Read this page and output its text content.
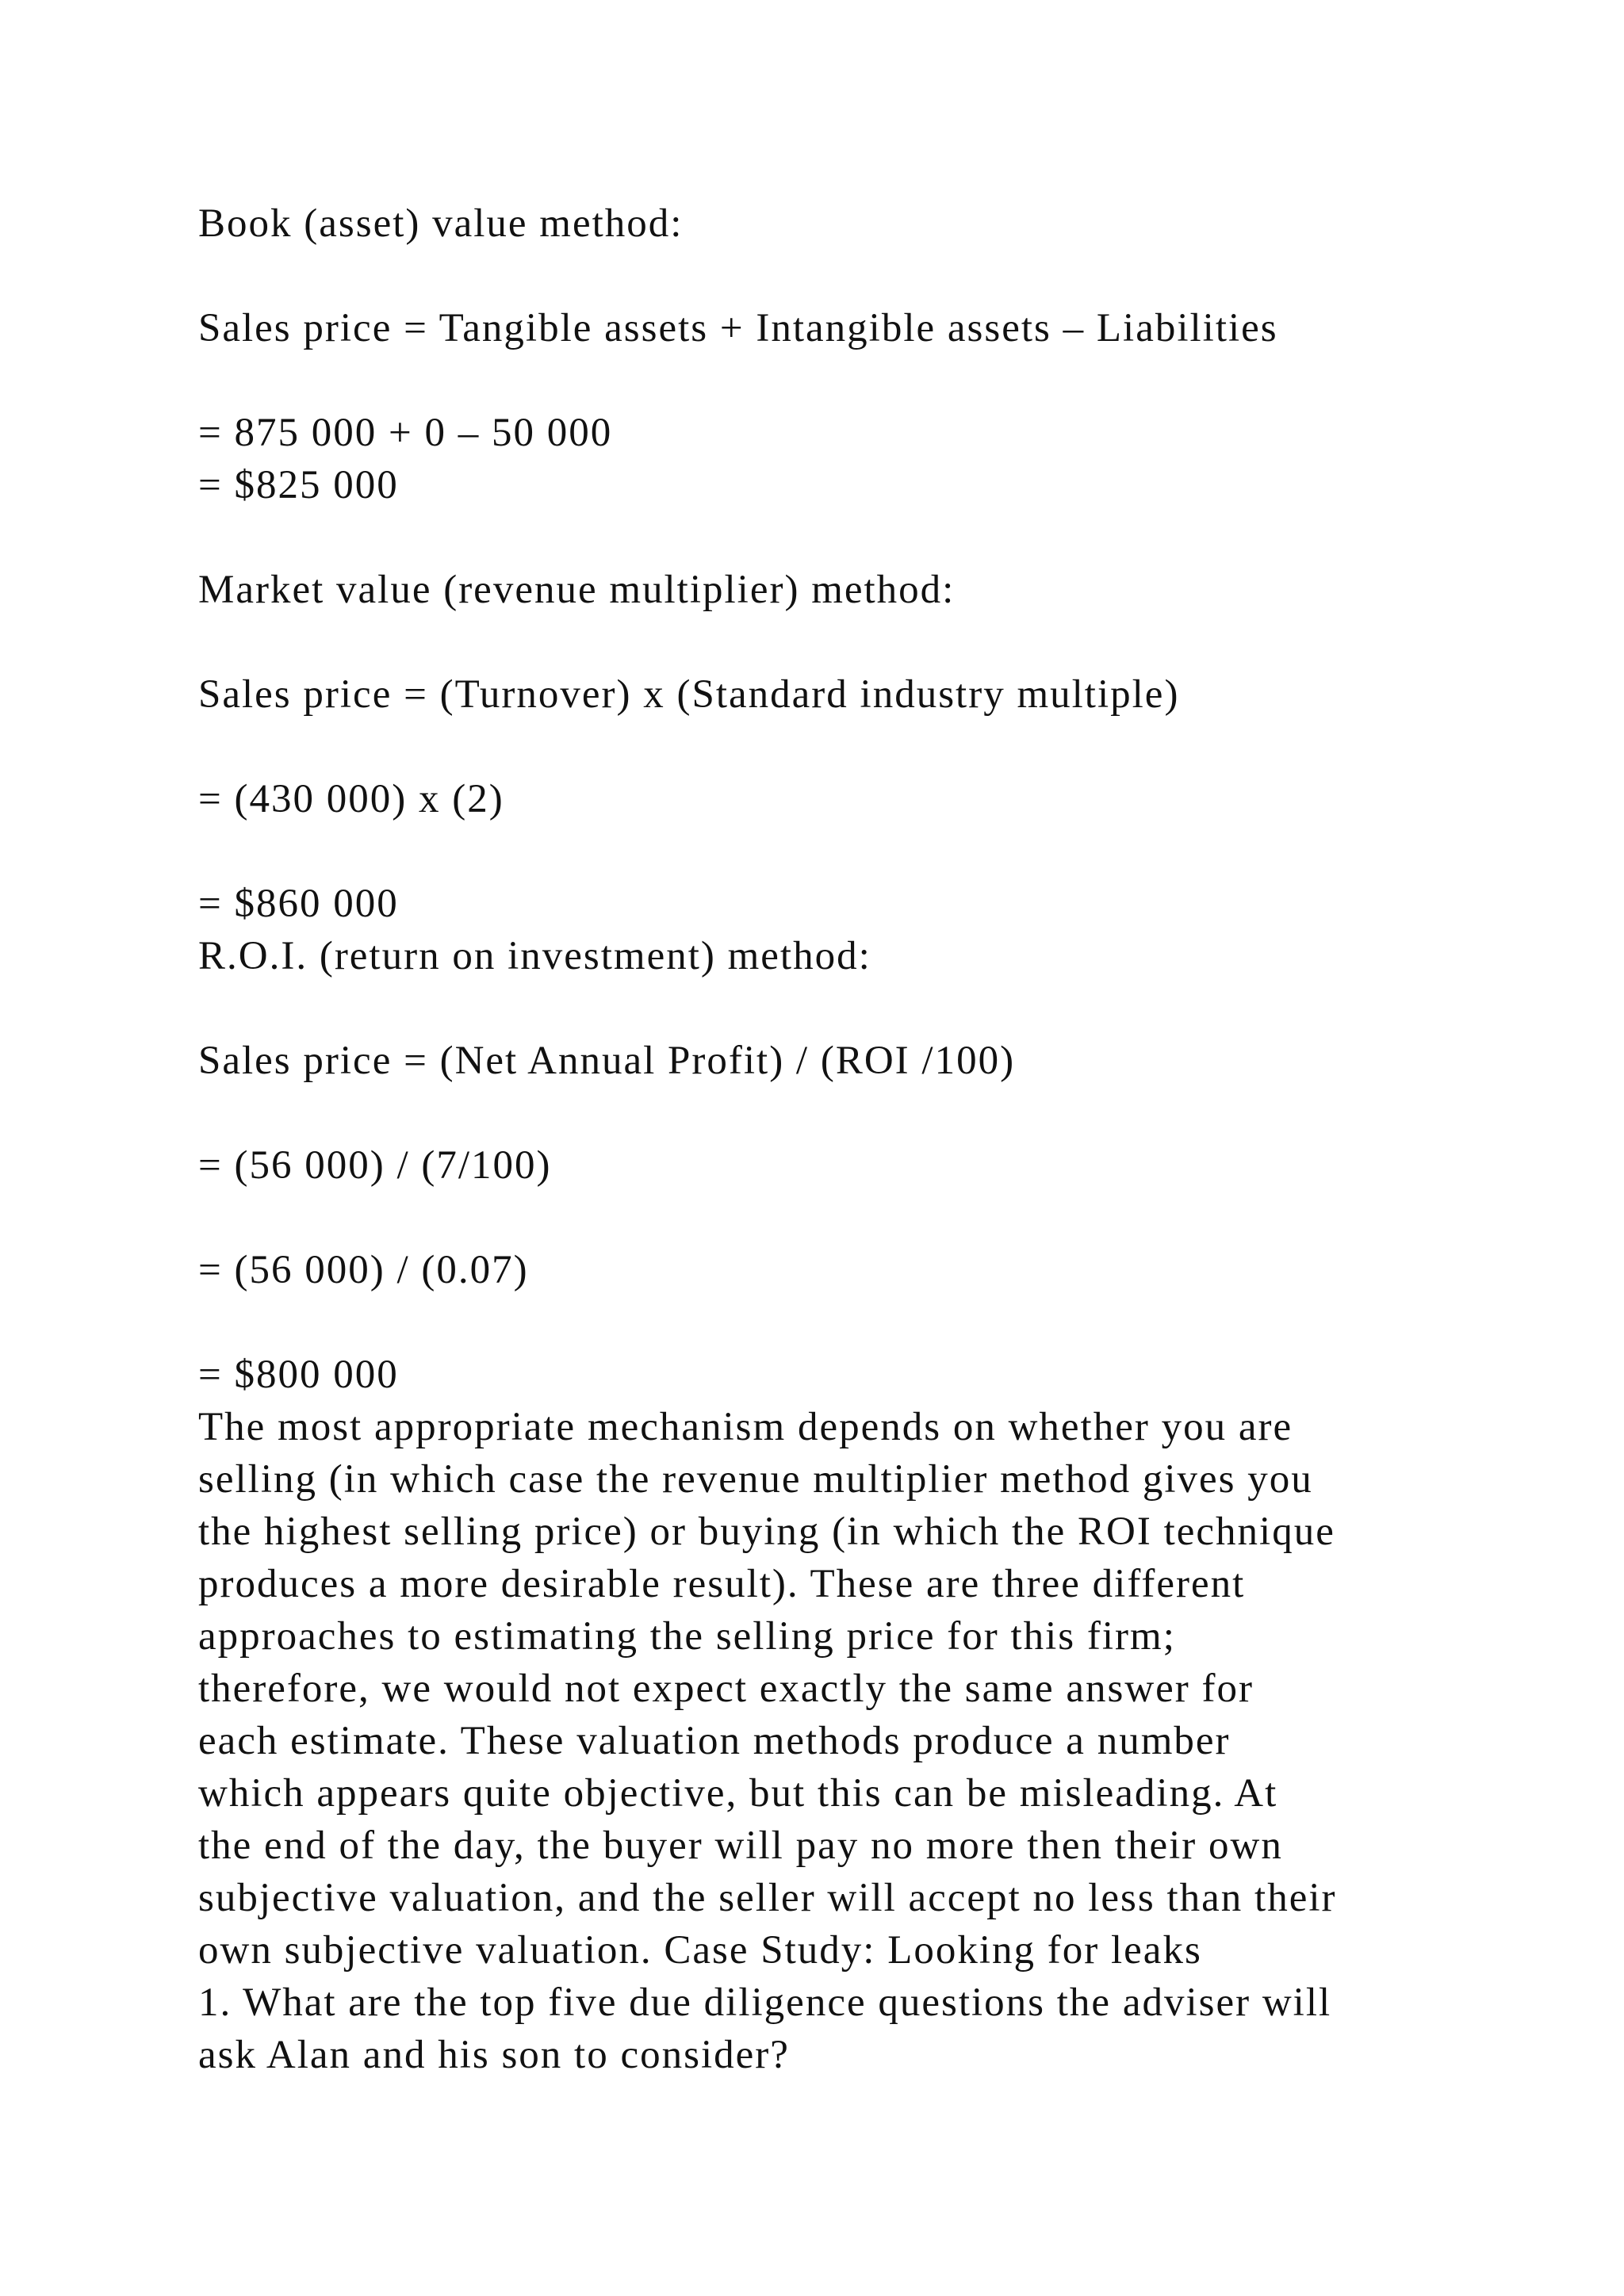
Book (asset) value method:
Sales price = Tangible assets + Intangible assets – Liabilities
= 875 000 + 0 – 50 000
= $825 000
Market value (revenue multiplier) method:
Sales price = (Turnover) x (Standard industry multiple)
= (430 000) x (2)
= $860 000
R.O.I. (return on investment) method:
Sales price = (Net Annual Profit) / (ROI /100)
= (56 000) / (7/100)
= (56 000) / (0.07)
= $800 000
The most appropriate mechanism depends on whether you are
selling (in which case the revenue multiplier method gives you
the highest selling price) or buying (in which the ROI technique
produces a more desirable result). These are three different
approaches to estimating the selling price for this firm;
therefore, we would not expect exactly the same answer for
each estimate. These valuation methods produce a number
which appears quite objective, but this can be misleading. At
the end of the day, the buyer will pay no more then their own
subjective valuation, and the seller will accept no less than their
own subjective valuation. Case Study: Looking for leaks
1. What are the top five due diligence questions the adviser will
ask Alan and his son to consider?
